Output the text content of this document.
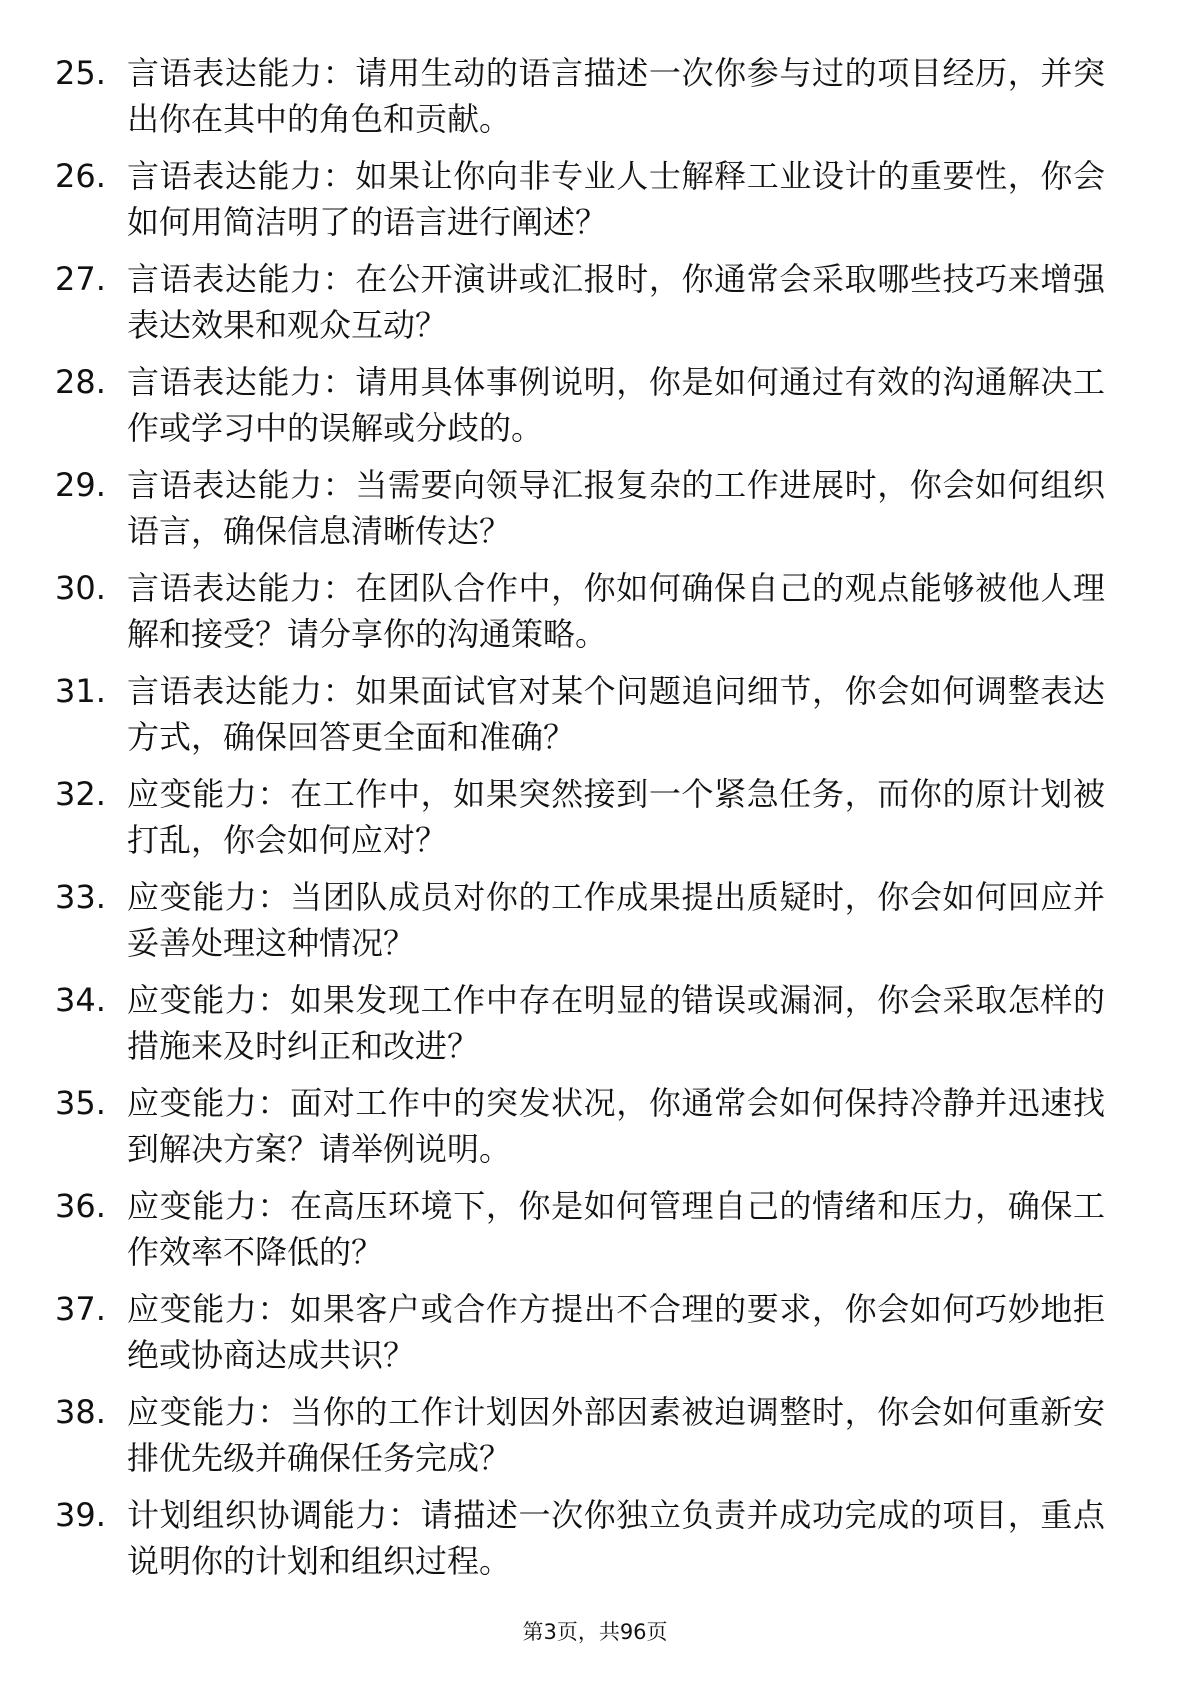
25. 言语表达能力：请用生动的语言描述一次你参与过的项目经历，并突出你在其中的角色和贡献。
26. 言语表达能力：如果让你向非专业人士解释工业设计的重要性，你会如何用简洁明了的语言进行阐述？
27. 言语表达能力：在公开演讲或汇报时，你通常会采取哪些技巧来增强表达效果和观众互动？
28. 言语表达能力：请用具体事例说明，你是如何通过有效的沟通解决工作或学习中的误解或分歧的。
29. 言语表达能力：当需要向领导汇报复杂的工作进展时，你会如何组织语言，确保信息清晰传达？
30. 言语表达能力：在团队合作中，你如何确保自己的观点能够被他人理解和接受？请分享你的沟通策略。
31. 言语表达能力：如果面试官对某个问题追问细节，你会如何调整表达方式，确保回答更全面和准确？
32. 应变能力：在工作中，如果突然接到一个紧急任务，而你的原计划被打乱，你会如何应对？
33. 应变能力：当团队成员对你的工作成果提出质疑时，你会如何回应并妥善处理这种情况？
34. 应变能力：如果发现工作中存在明显的错误或漏洞，你会采取怎样的措施来及时纠正和改进？
35. 应变能力：面对工作中的突发状况，你通常会如何保持冷静并迅速找到解决方案？请举例说明。
36. 应变能力：在高压环境下，你是如何管理自己的情绪和压力，确保工作效率不降低的？
37. 应变能力：如果客户或合作方提出不合理的要求，你会如何巧妙地拒绝或协商达成共识？
38. 应变能力：当你的工作计划因外部因素被迫调整时，你会如何重新安排优先级并确保任务完成？
39. 计划组织协调能力：请描述一次你独立负责并成功完成的项目，重点说明你的计划和组织过程。
第3页，共96页
